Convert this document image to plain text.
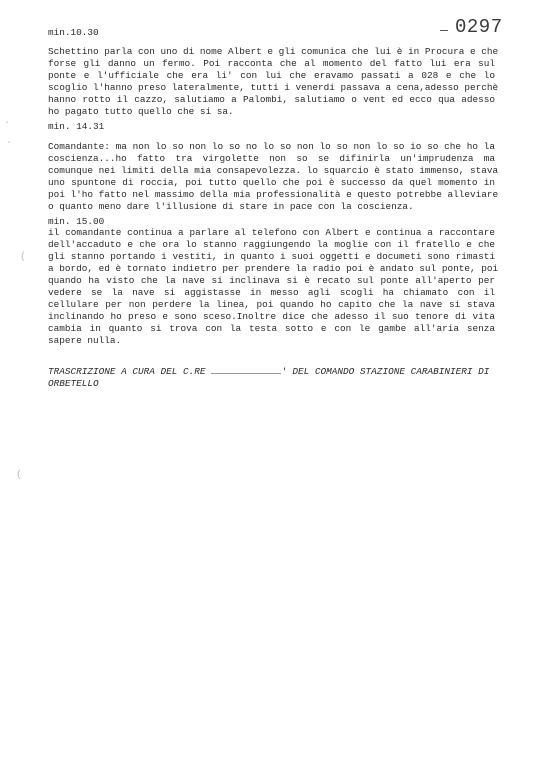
0297
min.10.30
Schettino parla con uno di nome Albert e gli comunica che lui è in Procura e che
forse gli danno un fermo. Poi racconta che al momento del fatto lui era sul
ponte e l'ufficiale che era li' con lui che eravamo passati a 028 e che lo
scoglio l'hanno preso lateralmente, tutti i venerdi passava a cena,adesso perchè
hanno rotto il cazzo, salutiamo a Palombi, salutiamo o vent ed ecco qua adesso
ho pagato tutto quello che si sa.
min. 14.31
Comandante: ma non lo so non lo so no lo so non lo so non lo so io so che ho la
coscienza...ho fatto tra virgolette non so se difinirla un'imprudenza ma
comunque nei limiti della mia consapevolezza. lo squarcio è stato immenso, stava
uno spuntone di roccia, poi tutto quello che poi è successo da quel momento in
poi l'ho fatto nel massimo della mia professionalità e questo potrebbe alleviare
o quanto meno dare l'illusione di stare in pace con la coscienza.
min. 15.00
il comandante continua a parlare al telefono con Albert e continua a raccontare
dell'accaduto e che ora lo stanno raggiungendo la moglie con il fratello e che
gli stanno portando i vestiti, in quanto i suoi oggetti e documeti sono rimasti
a bordo, ed è tornato indietro per prendere la radio poi è andato sul ponte, poi
quando ha visto che la nave si inclinava si è recato sul ponte all'aperto per
vedere se la nave si aggistasse in messo agli scogli ha chiamato con il
cellulare per non perdere la linea, poi quando ho capito che la nave si stava
inclinando ho preso e sono sceso.Inoltre dice che adesso il suo tenore di vita
cambia in quanto si trova con la testa sotto e con le gambe all'aria senza
sapere nulla.
TRASCRIZIONE A CURA DEL C.RE	' DEL COMANDO STAZIONE CARABINIERI DI
ORBETELLO
·
·
(
(
